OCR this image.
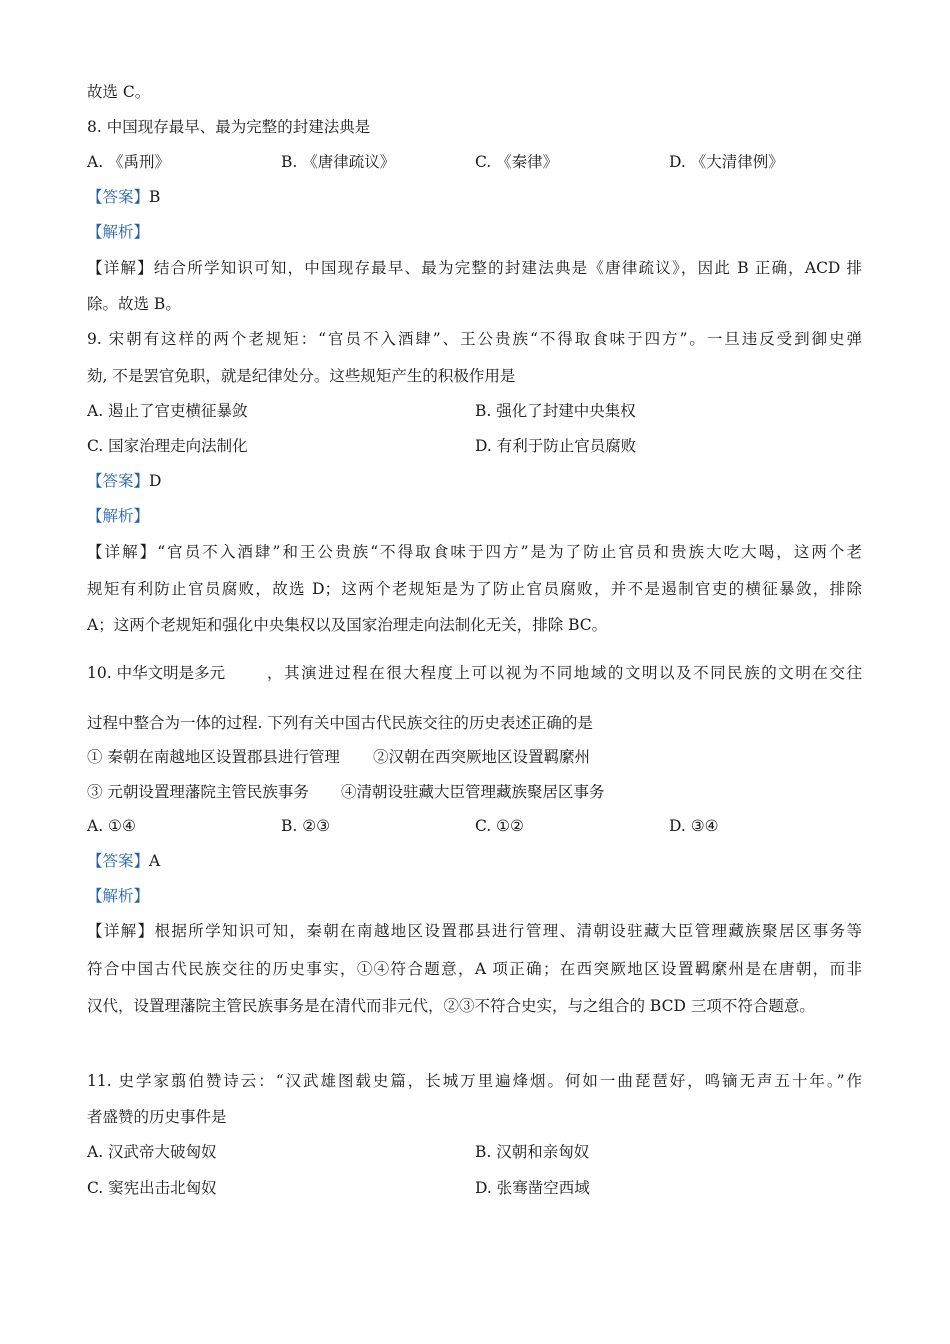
故选 C。
8. 中国现存最早、最为完整的封建法典是
A. 《禹刑》	B. 《唐律疏议》	C. 《秦律》	D. 《大清律例》
【答案】B
【解析】
【详解】结合所学知识可知，中国现存最早、最为完整的封建法典是《唐律疏议》，因此 B 正确，ACD 排
除。故选 B。
9. 宋朝有这样的两个老规矩：“官员不入酒肆”、王公贵族“不得取食味于四方”。一旦违反受到御史弹
劾, 不是罢官免职，就是纪律处分。这些规矩产生的积极作用是
A. 遏止了官吏横征暴敛	B. 强化了封建中央集权
C. 国家治理走向法制化	D. 有利于防止官员腐败
【答案】D
【解析】
【详解】“官员不入酒肆”和王公贵族“不得取食味于四方”是为了防止官员和贵族大吃大喝，这两个老
规矩有利防止官员腐败，故选 D；这两个老规矩是为了防止官员腐败，并不是遏制官吏的横征暴敛，排除
A；这两个老规矩和强化中央集权以及国家治理走向法制化无关，排除 BC。
10. 中华文明是多元	，其演进过程在很大程度上可以视为不同地域的文明以及不同民族的文明在交往
过程中整合为一体的过程. 下列有关中国古代民族交往的历史表述正确的是
① 秦朝在南越地区设置郡县进行管理 ②汉朝在西突厥地区设置羁縻州
③ 元朝设置理藩院主管民族事务 ④清朝设驻藏大臣管理藏族聚居区事务
A. ①④	B. ②③	C. ①②	D. ③④
【答案】A
【解析】
【详解】根据所学知识可知，秦朝在南越地区设置郡县进行管理、清朝设驻藏大臣管理藏族聚居区事务等
符合中国古代民族交往的历史事实，①④符合题意，A 项正确；在西突厥地区设置羁縻州是在唐朝，而非
汉代，设置理藩院主管民族事务是在清代而非元代，②③不符合史实，与之组合的 BCD 三项不符合题意。
11. 史学家翦伯赞诗云：“汉武雄图载史篇，长城万里遍烽烟。何如一曲琵琶好，鸣镝无声五十年。”作
者盛赞的历史事件是
A. 汉武帝大破匈奴	B. 汉朝和亲匈奴
C. 窦宪出击北匈奴	D. 张骞凿空西域
